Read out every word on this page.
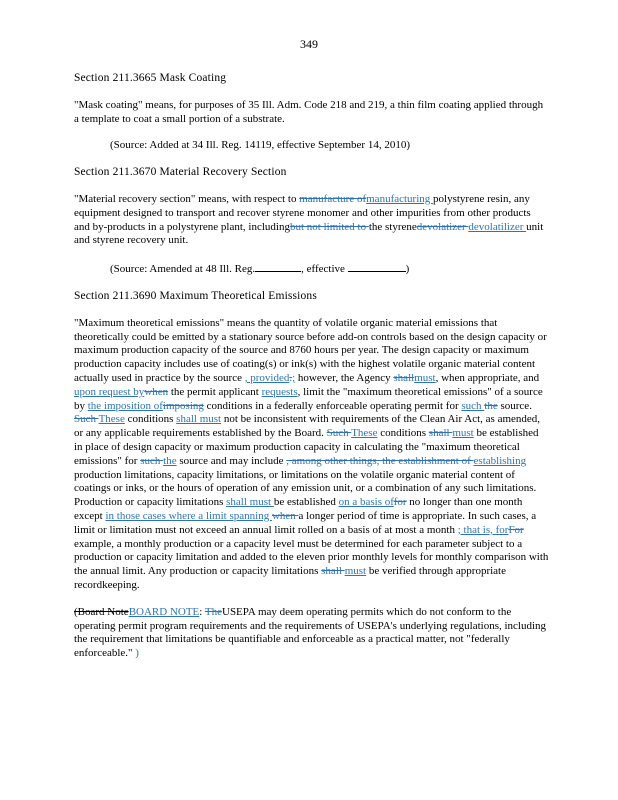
349
Section 211.3665 Mask Coating

"Mask coating" means, for purposes of 35 Ill. Adm. Code 218 and 219, a thin film coating applied through a template to coat a small portion of a substrate.

(Source: Added at 34 Ill. Reg. 14119, effective September 14, 2010)

Section 211.3670 Material Recovery Section

"Material recovery section" means, with respect to manufacture ofmanufacturing polystyrene resin, any equipment designed to transport and recover styrene monomer and other impurities from other products and by-products in a polystyrene plant, includingbut not limited to the styrenedevolatizer devolatilizer unit and styrene recovery unit.

(Source: Amended at 48 Ill. Reg.	, effective	)

Section 211.3690 Maximum Theoretical Emissions

"Maximum theoretical emissions" means the quantity of volatile organic material emissions that theoretically could be emitted by a stationary source before add-on controls based on the design capacity or maximum production capacity of the source and 8760 hours per year. The design capacity or maximum production capacity includes use of coating(s) or ink(s) with the highest volatile organic material content actually used in practice by the source , provided.; however, the Agency shallmust, when appropriate, and upon request bywhen the permit applicant requests, limit the "maximum theoretical emissions" of a source by the imposition ofimposing conditions in a federally enforceable operating permit for such the source. Such These conditions shall must not be inconsistent with requirements of the Clean Air Act, as amended, or any applicable requirements established by the Board. Such These conditions shall must be established in place of design capacity or maximum production capacity in calculating the "maximum theoretical emissions" for such the source and may include , among other things, the establishment of establishing production limitations, capacity limitations, or limitations on the volatile organic material content of coatings or inks, or the hours of operation of any emission unit, or a combination of any such limitations. Production or capacity limitations shall must be established on a basis offor no longer than one month except in those cases where a limit spanning when a longer period of time is appropriate. In such cases, a limit or limitation must not exceed an annual limit rolled on a basis of at most a month ; that is, forFor example, a monthly production or a capacity level must be determined for each parameter subject to a production or capacity limitation and added to the eleven prior monthly levels for monthly comparison with the annual limit. Any production or capacity limitations shall must be verified through appropriate recordkeeping.

(Board NoteBOARD NOTE: TheUSEPA may deem operating permits which do not conform to the operating permit program requirements and the requirements of USEPA's underlying regulations, including the requirement that limitations be quantifiable and enforceable as a practical matter, not "federally enforceable." )
